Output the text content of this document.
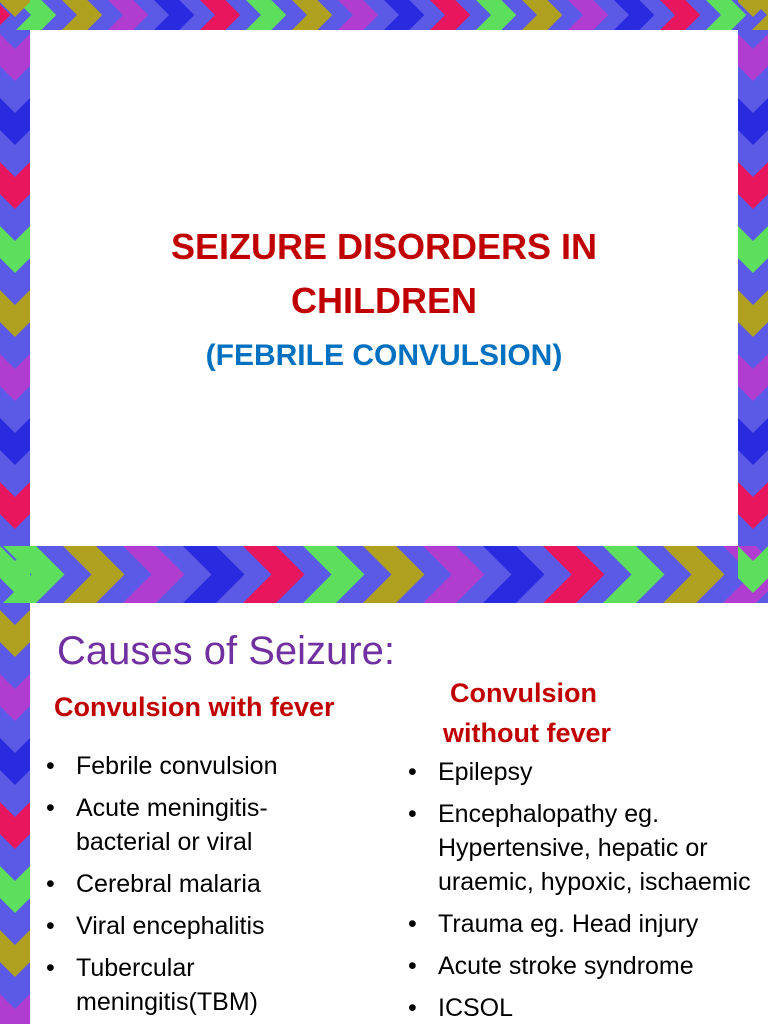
SEIZURE DISORDERS IN
CHILDREN
(FEBRILE CONVULSION)
Causes of Seizure:
Convulsion with fever	Convulsion
without fever
• Febrile convulsion
• Acute meningitis-
bacterial or viral
• Cerebral malaria
• Viral encephalitis
• Tubercular
meningitis(TBM)
• Epilepsy
• Encephalopathy eg.
Hypertensive, hepatic or
uraemic, hypoxic, ischaemic
• Trauma eg. Head injury
• Acute stroke syndrome
• ICSOL
